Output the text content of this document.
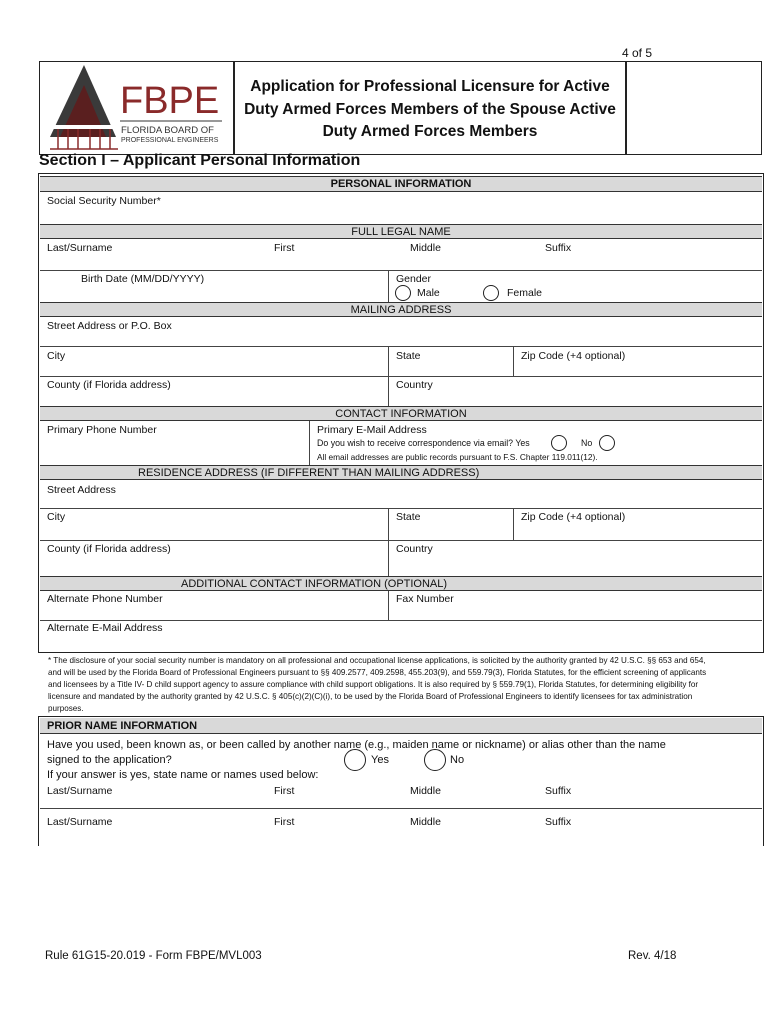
4 of 5
FBPE
FLORIDA BOARD OF
PROFESSIONAL ENGINEERS
Application for Professional Licensure for Active
Duty Armed Forces Members of the Spouse Active
Duty Armed Forces Members
Section I – Applicant Personal Information
PERSONAL INFORMATION
Social Security Number*
FULL LEGAL NAME
Last/Surname	First	Middle	Suffix
Birth Date (MM/DD/YYYY)	Gender
Male	Female
MAILING ADDRESS
Street Address or P.O. Box
City	State	Zip Code (+4 optional)
County (if Florida address)	Country
CONTACT INFORMATION
Primary Phone Number	Primary E-Mail Address
Do you wish to receive correspondence via email? Yes	No
All email addresses are public records pursuant to F.S. Chapter 119.011(12).
RESIDENCE ADDRESS (IF DIFFERENT THAN MAILING ADDRESS)
Street Address
City	State	Zip Code (+4 optional)
County (if Florida address)	Country
ADDITIONAL CONTACT INFORMATION (OPTIONAL)
Alternate Phone Number	Fax Number
Alternate E-Mail Address
* The disclosure of your social security number is mandatory on all professional and occupational license applications, is solicited by the authority granted by 42 U.S.C. §§ 653 and 654, and will be used by the Florida Board of Professional Engineers pursuant to §§ 409.2577, 409.2598, 455.203(9), and 559.79(3), Florida Statutes, for the efficient screening of applicants and licensees by a Title IV- D child support agency to assure compliance with child support obligations. It is also required by § 559.79(1), Florida Statutes, for determining eligibility for licensure and mandated by the authority granted by 42 U.S.C. § 405(c)(2)(C)(i), to be used by the Florida Board of Professional Engineers to identify licensees for tax administration purposes.
PRIOR NAME INFORMATION
Have you used, been known as, or been called by another name (e.g., maiden name or nickname) or alias other than the name
signed to the application?
If your answer is yes, state name or names used below:
Yes	No
Last/Surname	First	Middle	Suffix
Last/Surname	First	Middle	Suffix
Rule 61G15-20.019 - Form FBPE/MVL003	Rev. 4/18
